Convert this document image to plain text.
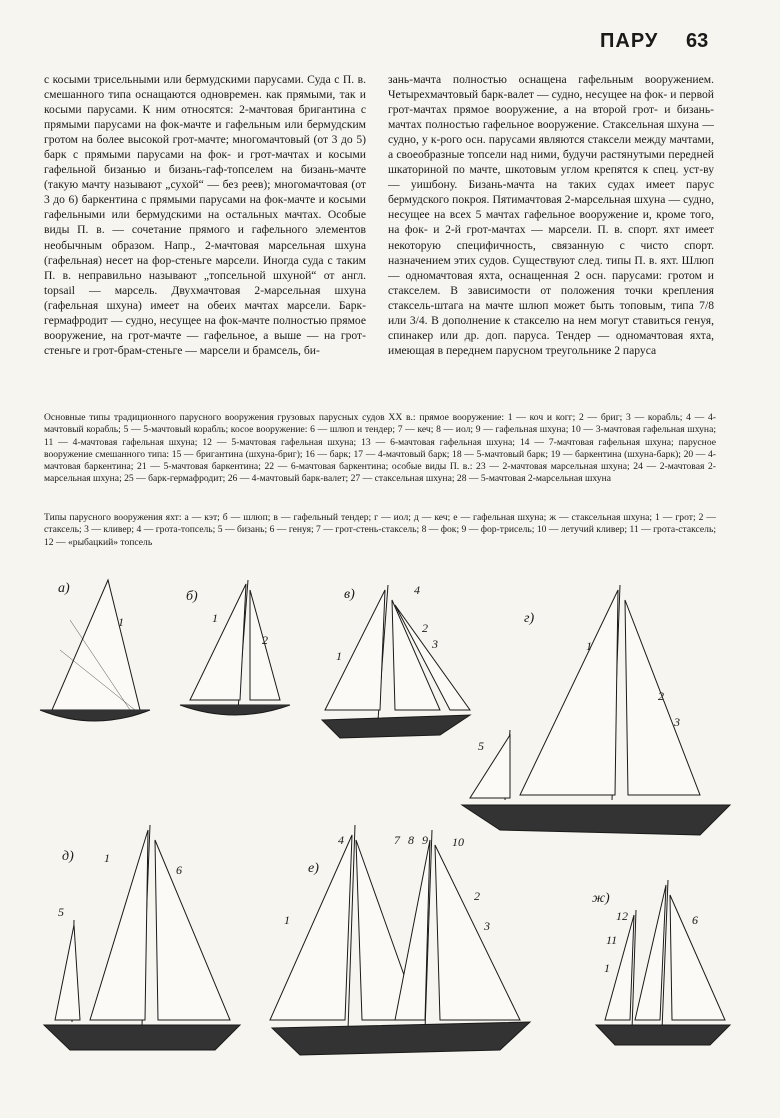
ПАРУ 63

с косыми трисельными или бермудскими парусами. Суда с П. в. смешанного типа оснащаются одновремен. как прямыми, так и косыми парусами. К ним относятся: 2-мачтовая бригантина с прямыми парусами на фок-мачте и гафельным или бермудским гротом на более высокой грот-мачте; многомачтовый (от 3 до 5) барк с прямыми парусами на фок- и грот-мачтах и косыми гафельной бизанью и бизань-гаф-топселем на бизань-мачте (такую мачту называют „сухой“ — без реев); многомачтовая (от 3 до 6) баркентина с прямыми парусами на фок-мачте и косыми гафельными или бермудскими на остальных мачтах. Особые виды П. в. — сочетание прямого и гафельного элементов необычным образом. Напр., 2-мачтовая марсельная шхуна (гафельная) несет на фор-стеньге марсели. Иногда суда с таким П. в. неправильно называют „топсельной шхуной“ от англ. topsail — марсель. Двухмачтовая 2-марсельная шхуна (гафельная шхуна) имеет на обеих мачтах марсели. Барк-гермафродит — судно, несущее на фок-мачте полностью прямое вооружение, на грот-мачте — гафельное, а выше — на грот-стеньге и грот-брам-стеньге — марсели и брамсель, би-

зань-мачта полностью оснащена гафельным вооружением. Четырехмачтовый барк-валет — судно, несущее на фок- и первой грот-мачтах прямое вооружение, а на второй грот- и бизань-мачтах полностью гафельное вооружение. Стаксельная шхуна — судно, у к-рого осн. парусами являются стаксели между мачтами, а своеобразные топсели над ними, будучи растянутыми передней шкаториной по мачте, шкотовым углом крепятся к спец. уст-ву — уишбону. Бизань-мачта на таких судах имеет парус бермудского покроя. Пятимачтовая 2-марсельная шхуна — судно, несущее на всех 5 мачтах гафельное вооружение и, кроме того, на фок- и 2-й грот-мачтах — марсели. П. в. спорт. яхт имеет некоторую специфичность, связанную с чисто спорт. назначением этих судов. Существуют след. типы П. в. яхт. Шлюп — одномачтовая яхта, оснащенная 2 осн. парусами: гротом и стакселем. В зависимости от положения точки крепления стаксель-штага на мачте шлюп может быть топовым, типа 7/8 или 3/4. В дополнение к стакселю на нем могут ставиться генуя, спинакер или др. доп. паруса. Тендер — одномачтовая яхта, имеющая в переднем парусном треугольнике 2 паруса

Основные типы традиционного парусного вооружения грузовых парусных судов XX в.: прямое вооружение: 1 — коч и когг; 2 — бриг; 3 — корабль; 4 — 4-мачтовый корабль; 5 — 5-мачтовый корабль; косое вооружение: 6 — шлюп и тендер; 7 — кеч; 8 — иол; 9 — гафельная шхуна; 10 — 3-мачтовая гафельная шхуна; 11 — 4-мачтовая гафельная шхуна; 12 — 5-мачтовая гафельная шхуна; 13 — 6-мачтовая гафельная шхуна; 14 — 7-мачтовая гафельная шхуна; парусное вооружение смешанного типа: 15 — бригантина (шхуна-бриг); 16 — барк; 17 — 4-мачтовый барк; 18 — 5-мачтовый барк; 19 — баркентина (шхуна-барк); 20 — 4-мачтовая баркентина; 21 — 5-мачтовая баркентина; 22 — 6-мачтовая баркентина; особые виды П. в.: 23 — 2-мачтовая марсельная шхуна; 24 — 2-мачтовая 2-марсельная шхуна; 25 — барк-гермафродит; 26 — 4-мачтовый барк-валет; 27 — стаксельная шхуна; 28 — 5-мачтовая 2-марсельная шхуна

Типы парусного вооружения яхт: а — кэт; б — шлюп; в — гафельный тендер; г — иол; д — кеч; е — гафельная шхуна; ж — стаксельная шхуна; 1 — грот; 2 — стаксель; 3 — кливер; 4 — грота-топсель; 5 — бизань; 6 — генуя; 7 — грот-стень-стаксель; 8 — фок; 9 — фор-трисель; 10 — летучий кливер; 11 — грота-стаксель; 12 — «рыбацкий» топсель

а)
б)	в)
г)
д)
е)
ж)
1	1
2
4
1
2
3	1
2
3
5
1
6
5
4	7 8 9 10
1
2
3
12	6
11
1
